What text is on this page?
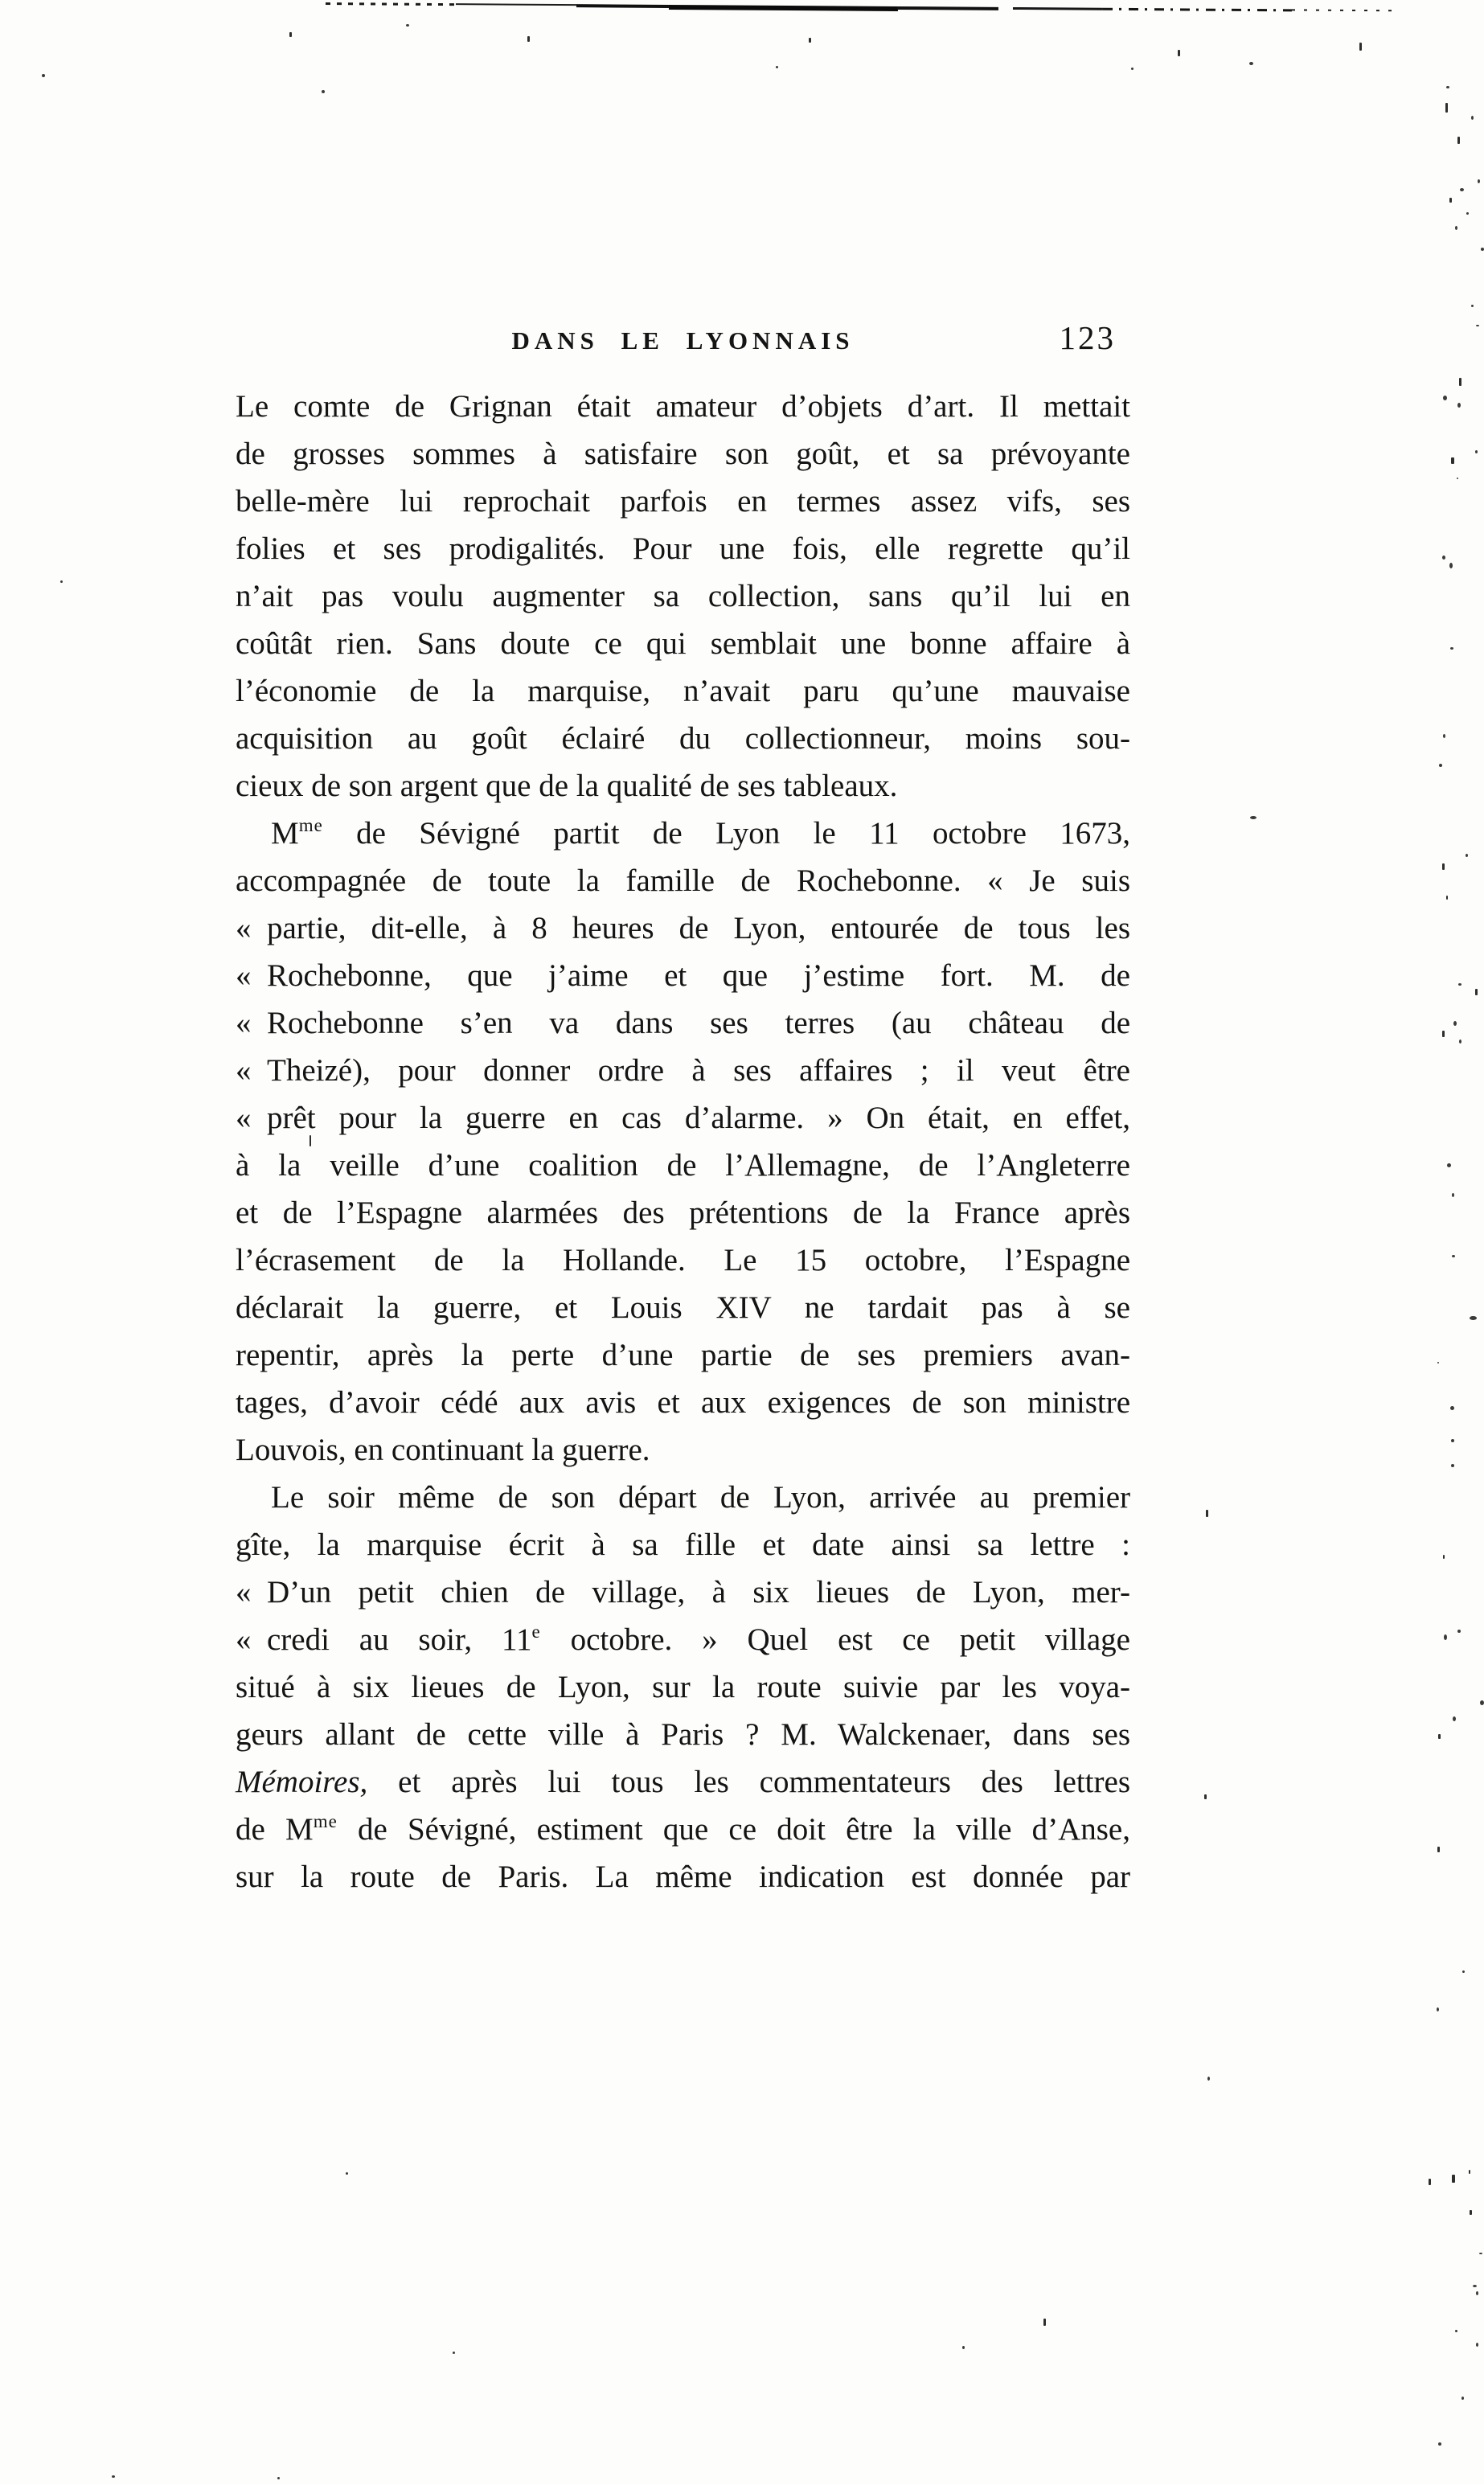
DANS LE LYONNAIS	123
Le comte de Grignan était amateur d’objets d’art. Il mettait
de grosses sommes à satisfaire son goût, et sa prévoyante
belle-mère lui reprochait parfois en termes assez vifs, ses
folies et ses prodigalités. Pour une fois, elle regrette qu’il
n’ait pas voulu augmenter sa collection, sans qu’il lui en
coûtât rien. Sans doute ce qui semblait une bonne affaire à
l’économie de la marquise, n’avait paru qu’une mauvaise
acquisition au goût éclairé du collectionneur, moins sou-
cieux de son argent que de la qualité de ses tableaux.
$M^{me}$ de Sévigné partit de Lyon le 11 octobre 1673,
accompagnée de toute la famille de Rochebonne. « Je suis
« partie, dit-elle, à 8 heures de Lyon, entourée de tous les
« Rochebonne, que j’aime et que j’estime fort. M. de
« Rochebonne s’en va dans ses terres (au château de
« Theizé), pour donner ordre à ses affaires ; il veut être
« prêt pour la guerre en cas d’alarme. » On était, en effet,
à la veille d’une coalition de l’Allemagne, de l’Angleterre
et de l’Espagne alarmées des prétentions de la France après
l’écrasement de la Hollande. Le 15 octobre, l’Espagne
déclarait la guerre, et Louis XIV ne tardait pas à se
repentir, après la perte d’une partie de ses premiers avan-
tages, d’avoir cédé aux avis et aux exigences de son ministre
Louvois, en continuant la guerre.
Le soir même de son départ de Lyon, arrivée au premier
gîte, la marquise écrit à sa fille et date ainsi sa lettre :
« D’un petit chien de village, à six lieues de Lyon, mer-
« credi au soir, 11e octobre. » Quel est ce petit village
situé à six lieues de Lyon, sur la route suivie par les voya-
geurs allant de cette ville à Paris ? M. Walckenaer, dans ses
Mémoires, et après lui tous les commentateurs des lettres
de $M^{me}$ de Sévigné, estiment que ce doit être la ville d’Anse,
sur la route de Paris. La même indication est donnée par
